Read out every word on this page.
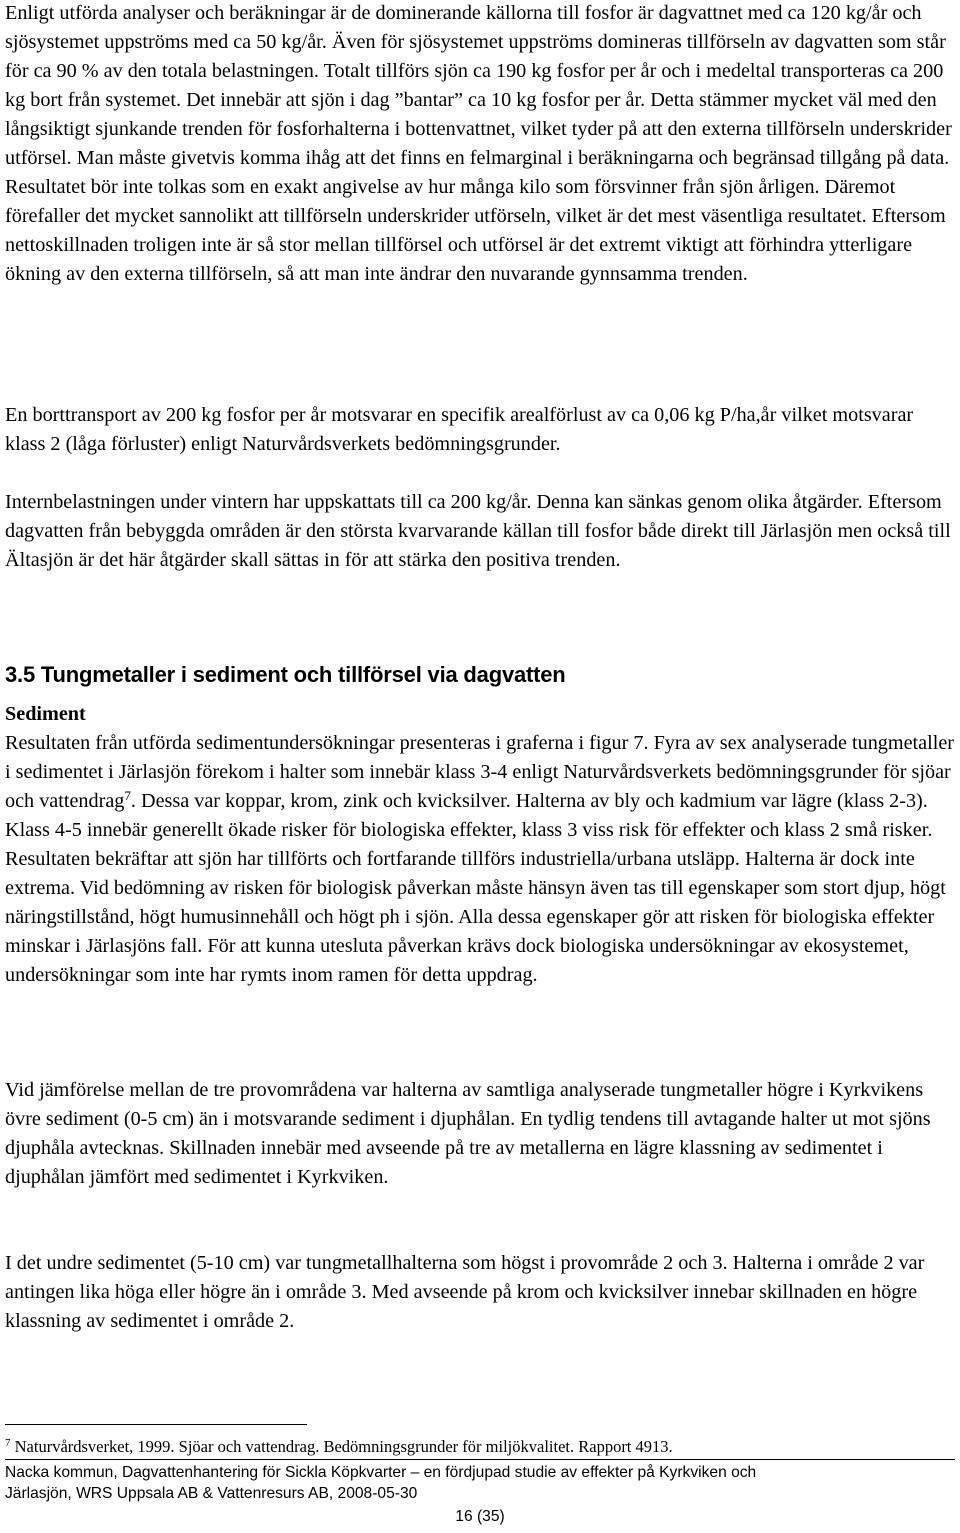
Enligt utförda analyser och beräkningar är de dominerande källorna till fosfor är dagvattnet med ca 120 kg/år och sjösystemet uppströms med ca 50 kg/år. Även för sjösystemet uppströms domineras tillförseln av dagvatten som står för ca 90 % av den totala belastningen. Totalt tillförs sjön ca 190 kg fosfor per år och i medeltal transporteras ca 200 kg bort från systemet. Det innebär att sjön i dag ”bantar” ca 10 kg fosfor per år. Detta stämmer mycket väl med den långsiktigt sjunkande trenden för fosforhalterna i bottenvattnet, vilket tyder på att den externa tillförseln underskrider utförsel. Man måste givetvis komma ihåg att det finns en felmarginal i beräkningarna och begränsad tillgång på data. Resultatet bör inte tolkas som en exakt angivelse av hur många kilo som försvinner från sjön årligen. Däremot förefaller det mycket sannolikt att tillförseln underskrider utförseln, vilket är det mest väsentliga resultatet. Eftersom nettoskillnaden troligen inte är så stor mellan tillförsel och utförsel är det extremt viktigt att förhindra ytterligare ökning av den externa tillförseln, så att man inte ändrar den nuvarande gynnsamma trenden.

En borttransport av 200 kg fosfor per år motsvarar en specifik arealförlust av ca 0,06 kg P/ha,år vilket motsvarar klass 2 (låga förluster) enligt Naturvårdsverkets bedömningsgrunder.

Internbelastningen under vintern har uppskattats till ca 200 kg/år. Denna kan sänkas genom olika åtgärder. Eftersom dagvatten från bebyggda områden är den största kvarvarande källan till fosfor både direkt till Järlasjön men också till Ältasjön är det här åtgärder skall sättas in för att stärka den positiva trenden.

3.5 Tungmetaller i sediment och tillförsel via dagvatten
Sediment

Resultaten från utförda sedimentundersökningar presenteras i graferna i figur 7. Fyra av sex analyserade tungmetaller i sedimentet i Järlasjön förekom i halter som innebär klass 3-4 enligt Naturvårdsverkets bedömningsgrunder för sjöar och vattendrag$^7$. Dessa var koppar, krom, zink och kvicksilver. Halterna av bly och kadmium var lägre (klass 2-3). Klass 4-5 innebär generellt ökade risker för biologiska effekter, klass 3 viss risk för effekter och klass 2 små risker. Resultaten bekräftar att sjön har tillförts och fortfarande tillförs industriella/urbana utsläpp. Halterna är dock inte extrema. Vid bedömning av risken för biologisk påverkan måste hänsyn även tas till egenskaper som stort djup, högt näringstillstånd, högt humusinnehåll och högt ph i sjön. Alla dessa egenskaper gör att risken för biologiska effekter minskar i Järlasjöns fall. För att kunna utesluta påverkan krävs dock biologiska undersökningar av ekosystemet, undersökningar som inte har rymts inom ramen för detta uppdrag.

Vid jämförelse mellan de tre provområdena var halterna av samtliga analyserade tungmetaller högre i Kyrkvikens övre sediment (0-5 cm) än i motsvarande sediment i djuphålan. En tydlig tendens till avtagande halter ut mot sjöns djuphåla avtecknas. Skillnaden innebär med avseende på tre av metallerna en lägre klassning av sedimentet i djuphålan jämfört med sedimentet i Kyrkviken.

I det undre sedimentet (5-10 cm) var tungmetallhalterna som högst i provområde 2 och 3. Halterna i område 2 var antingen lika höga eller högre än i område 3. Med avseende på krom och kvicksilver innebar skillnaden en högre klassning av sedimentet i område 2.

$^7$ Naturvårdsverket, 1999. Sjöar och vattendrag. Bedömningsgrunder för miljökvalitet. Rapport 4913.

Nacka kommun, Dagvattenhantering för Sickla Köpkvarter – en fördjupad studie av effekter på Kyrkviken och
Järlasjön, WRS Uppsala AB & Vattenresurs AB, 2008-05-30

16 (35)
